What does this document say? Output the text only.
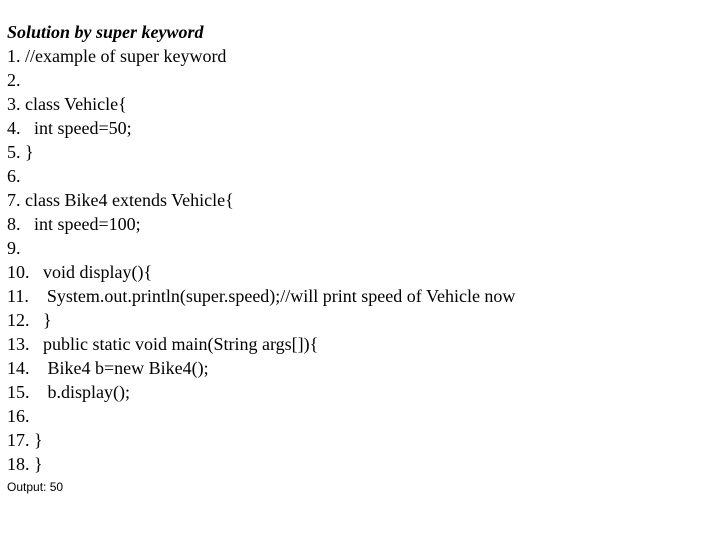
Solution by super keyword
1. //example of super keyword
2.
3. class Vehicle{
4.   int speed=50;
5. }
6.
7. class Bike4 extends Vehicle{
8.   int speed=100;
9.
10.   void display(){
11.    System.out.println(super.speed);//will print speed of Vehicle now
12.   }
13.   public static void main(String args[]){
14.    Bike4 b=new Bike4();
15.    b.display();
16.
17. }
18. }
Output: 50
